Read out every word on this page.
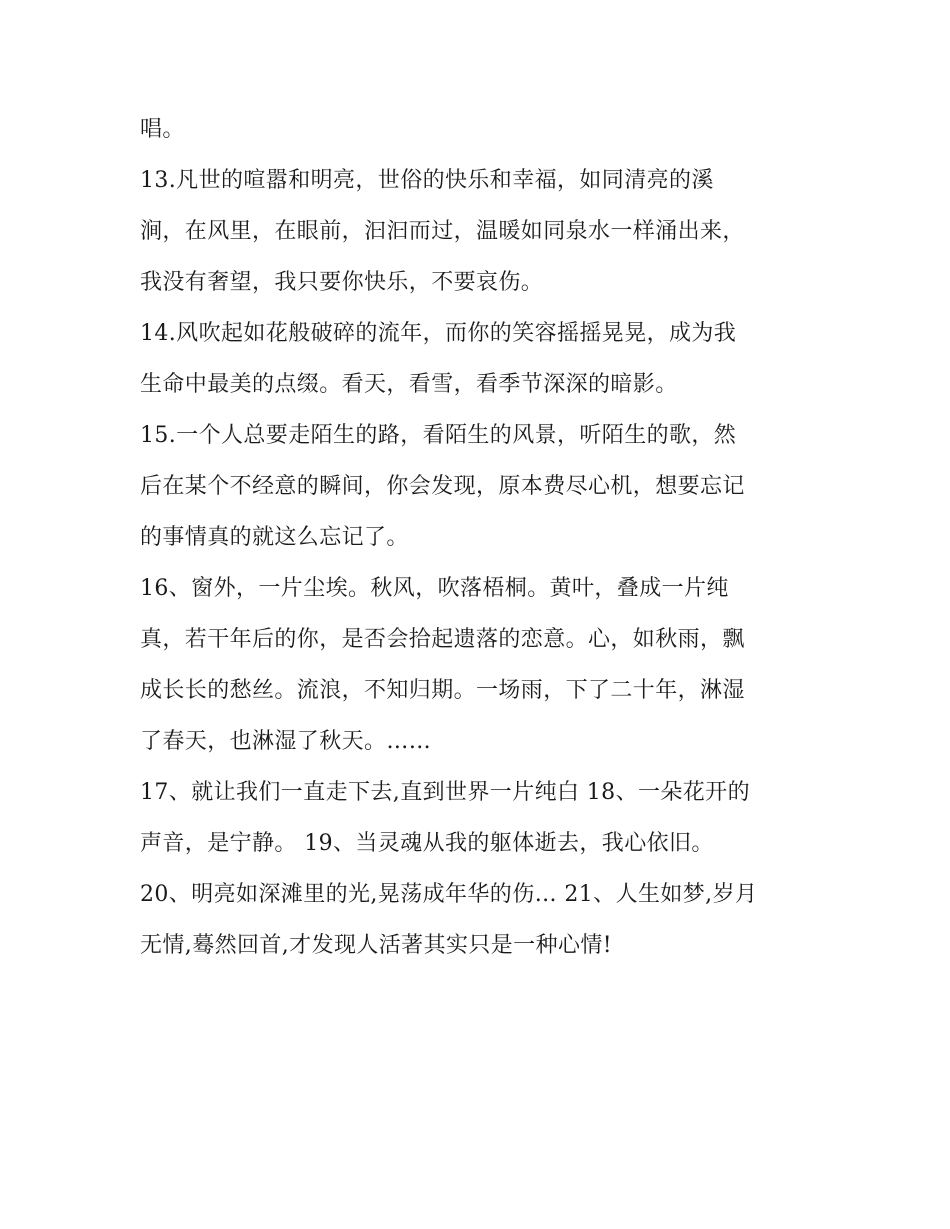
唱。
13.凡世的喧嚣和明亮，世俗的快乐和幸福，如同清亮的溪
涧，在风里，在眼前，汩汩而过，温暖如同泉水一样涌出来，
我没有奢望，我只要你快乐，不要哀伤。
14.风吹起如花般破碎的流年，而你的笑容摇摇晃晃，成为我
生命中最美的点缀。看天，看雪，看季节深深的暗影。
15.一个人总要走陌生的路，看陌生的风景，听陌生的歌，然
后在某个不经意的瞬间，你会发现，原本费尽心机，想要忘记
的事情真的就这么忘记了。
16、窗外，一片尘埃。秋风，吹落梧桐。黄叶，叠成一片纯
真，若干年后的你，是否会拾起遗落的恋意。心，如秋雨，飘
成长长的愁丝。流浪，不知归期。一场雨，下了二十年，淋湿
了春天，也淋湿了秋天。……
17、就让我们一直走下去,直到世界一片纯白 18、一朵花开的
声音，是宁静。 19、当灵魂从我的躯体逝去，我心依旧。
20、明亮如深滩里的光,晃荡成年华的伤… 21、人生如梦,岁月
无情,蓦然回首,才发现人活著其实只是一种心情!
